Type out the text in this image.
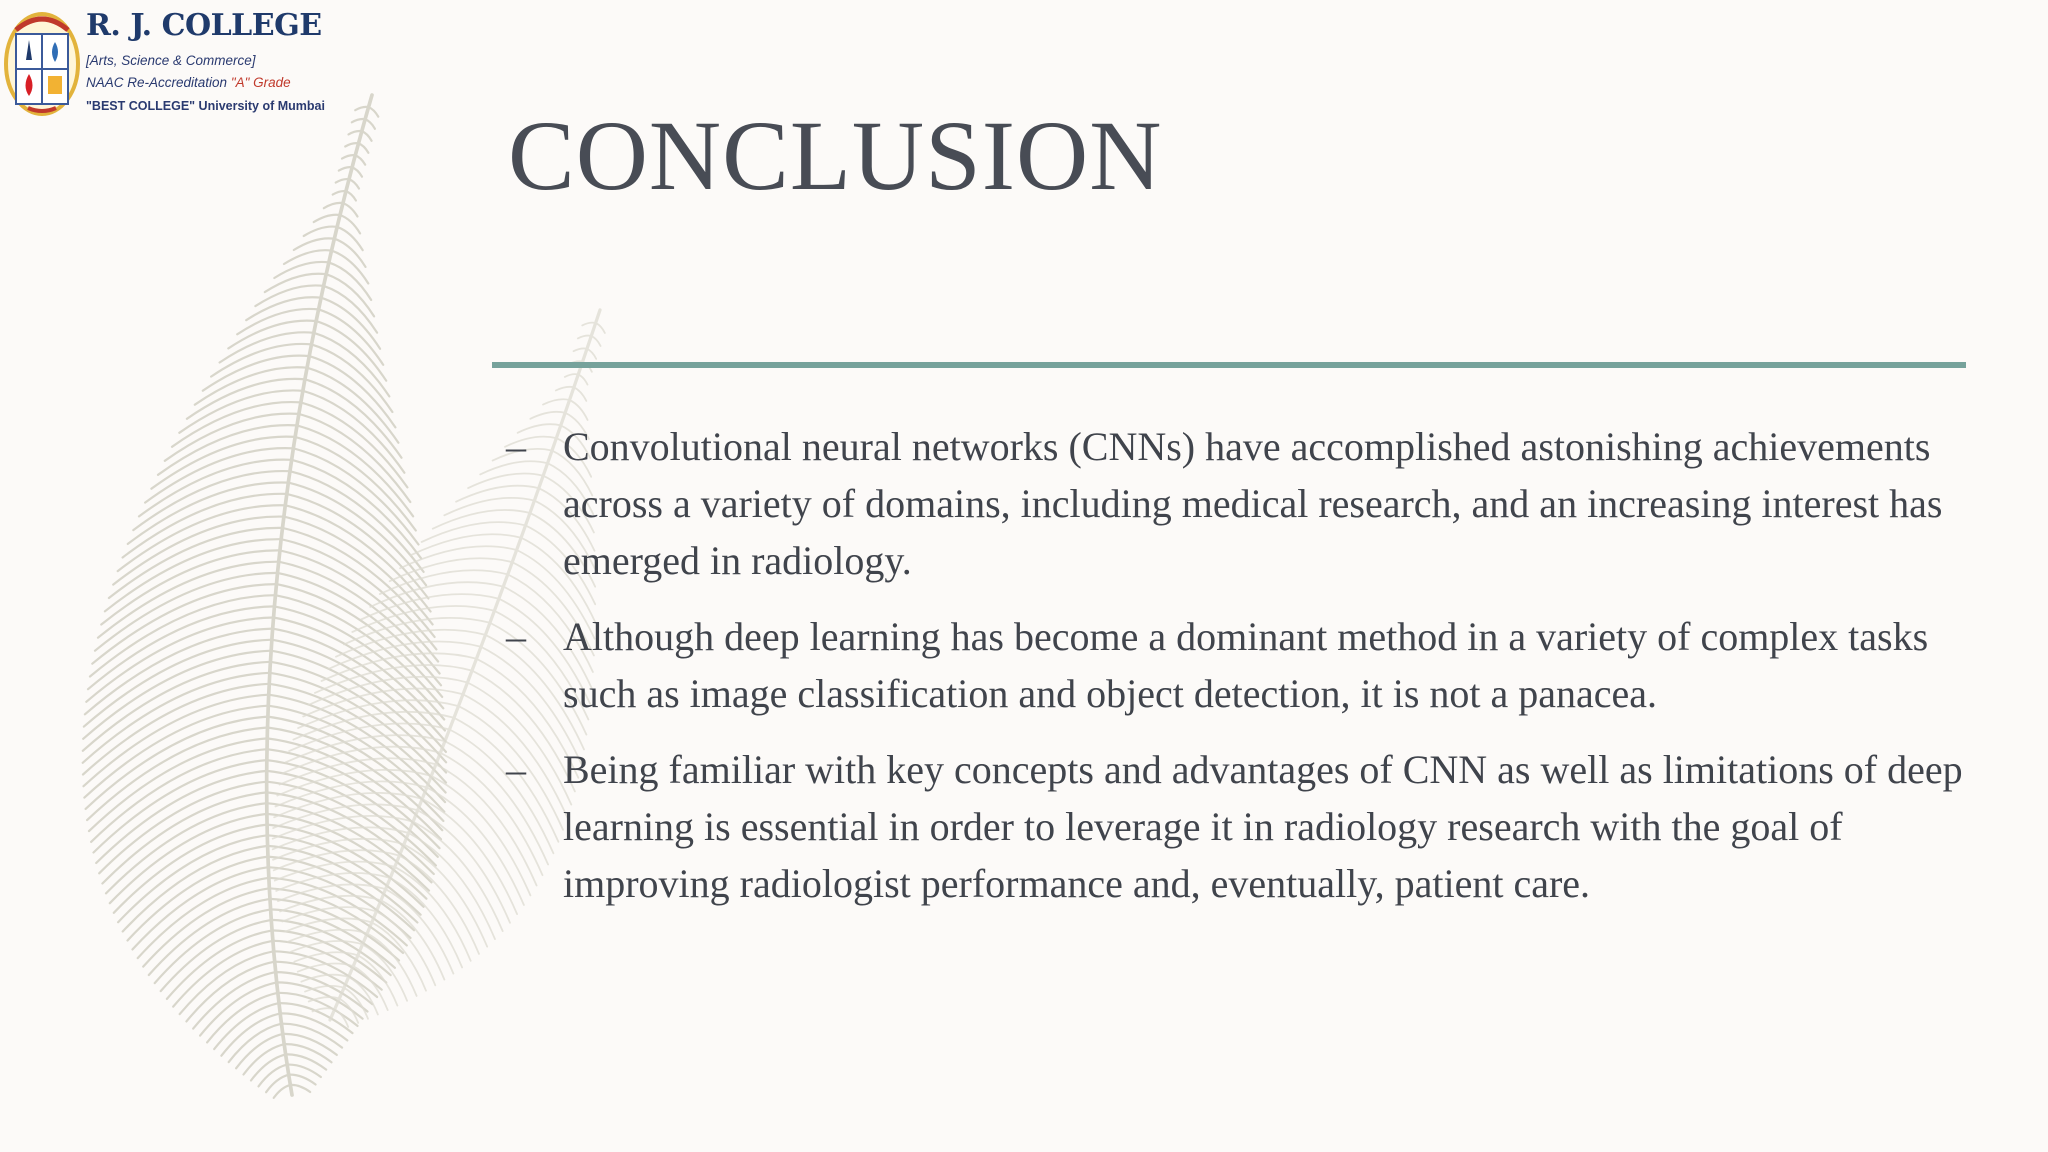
R. J. COLLEGE
[Arts, Science & Commerce]
NAAC Re-Accreditation "A" Grade
"BEST COLLEGE" University of Mumbai CONCLUSION
– Convolutional neural networks (CNNs) have accomplished astonishing achievements across a variety of domains, including medical research, and an increasing interest has emerged in radiology.
– Although deep learning has become a dominant method in a variety of complex tasks such as image classification and object detection, it is not a panacea.
– Being familiar with key concepts and advantages of CNN as well as limitations of deep learning is essential in order to leverage it in radiology research with the goal of improving radiologist performance and, eventually, patient care.
